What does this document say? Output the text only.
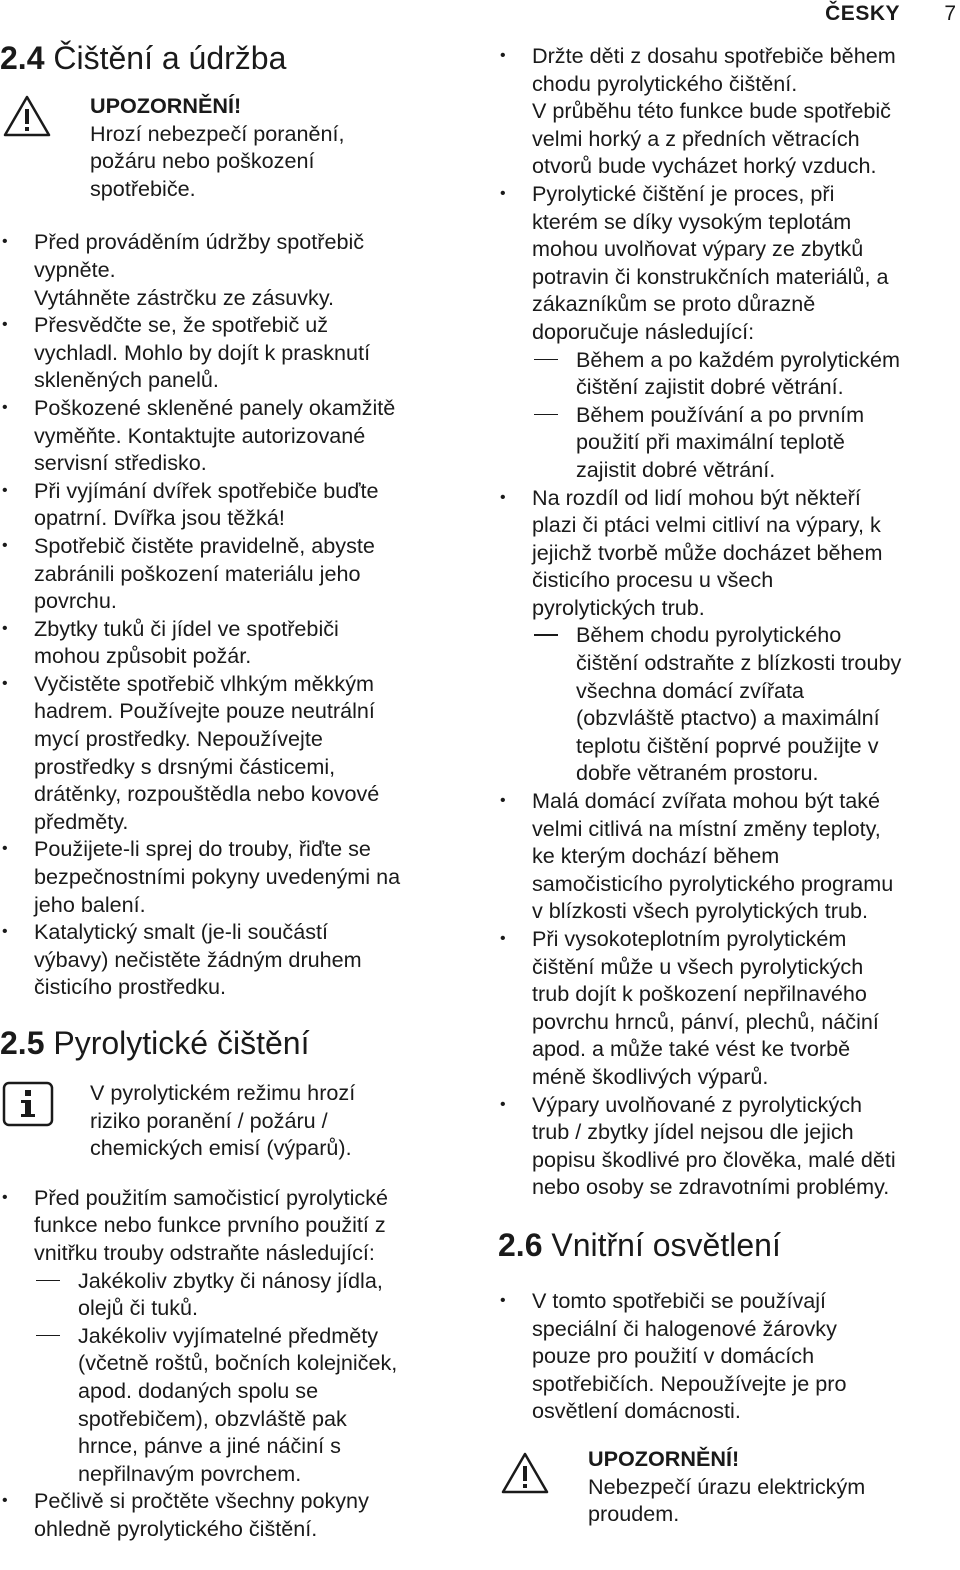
ČESKY 7
2.4 Čištění a údržba
UPOZORNĚNÍ!
Hrozí nebezpečí poranění,
požáru nebo poškození
spotřebiče.
• Před prováděním údržby spotřebič
vypněte.
Vytáhněte zástrčku ze zásuvky.
• Přesvědčte se, že spotřebič už
vychladl. Mohlo by dojít k prasknutí
skleněných panelů.
• Poškozené skleněné panely okamžitě
vyměňte. Kontaktujte autorizované
servisní středisko.
• Při vyjímání dvířek spotřebiče buďte
opatrní. Dvířka jsou těžká!
• Spotřebič čistěte pravidelně, abyste
zabránili poškození materiálu jeho
povrchu.
• Zbytky tuků či jídel ve spotřebiči
mohou způsobit požár.
• Vyčistěte spotřebič vlhkým měkkým
hadrem. Používejte pouze neutrální
mycí prostředky. Nepoužívejte
prostředky s drsnými částicemi,
drátěnky, rozpouštědla nebo kovové
předměty.
• Použijete-li sprej do trouby, řiďte se
bezpečnostními pokyny uvedenými na
jeho balení.
• Katalytický smalt (je-li součástí
výbavy) nečistěte žádným druhem
čisticího prostředku.
2.5 Pyrolytické čištění
V pyrolytickém režimu hrozí
riziko poranění / požáru /
chemických emisí (výparů).
• Před použitím samočisticí pyrolytické
funkce nebo funkce prvního použití z
vnitřku trouby odstraňte následující:
Jakékoliv zbytky či nánosy jídla,
olejů či tuků.
Jakékoliv vyjímatelné předměty
(včetně roštů, bočních kolejniček,
apod. dodaných spolu se
spotřebičem), obzvláště pak
hrnce, pánve a jiné náčiní s
nepřilnavým povrchem.
• Pečlivě si pročtěte všechny pokyny
ohledně pyrolytického čištění.
• Držte děti z dosahu spotřebiče během
chodu pyrolytického čištění.
V průběhu této funkce bude spotřebič
velmi horký a z předních větracích
otvorů bude vycházet horký vzduch.
• Pyrolytické čištění je proces, při
kterém se díky vysokým teplotám
mohou uvolňovat výpary ze zbytků
potravin či konstrukčních materiálů, a
zákazníkům se proto důrazně
doporučuje následující:
Během a po každém pyrolytickém
čištění zajistit dobré větrání.
Během používání a po prvním
použití při maximální teplotě
zajistit dobré větrání.
• Na rozdíl od lidí mohou být někteří
plazi či ptáci velmi citliví na výpary, k
jejichž tvorbě může docházet během
čisticího procesu u všech
pyrolytických trub.
Během chodu pyrolytického
čištění odstraňte z blízkosti trouby
všechna domácí zvířata
(obzvláště ptactvo) a maximální
teplotu čištění poprvé použijte v
dobře větraném prostoru.
• Malá domácí zvířata mohou být také
velmi citlivá na místní změny teploty,
ke kterým dochází během
samočisticího pyrolytického programu
v blízkosti všech pyrolytických trub.
• Při vysokoteplotním pyrolytickém
čištění může u všech pyrolytických
trub dojít k poškození nepřilnavého
povrchu hrnců, pánví, plechů, náčiní
apod. a může také vést ke tvorbě
méně škodlivých výparů.
• Výpary uvolňované z pyrolytických
trub / zbytky jídel nejsou dle jejich
popisu škodlivé pro člověka, malé děti
nebo osoby se zdravotními problémy.
2.6 Vnitřní osvětlení
• V tomto spotřebiči se používají
speciální či halogenové žárovky
pouze pro použití v domácích
spotřebičích. Nepoužívejte je pro
osvětlení domácnosti.
UPOZORNĚNÍ!
Nebezpečí úrazu elektrickým
proudem.
